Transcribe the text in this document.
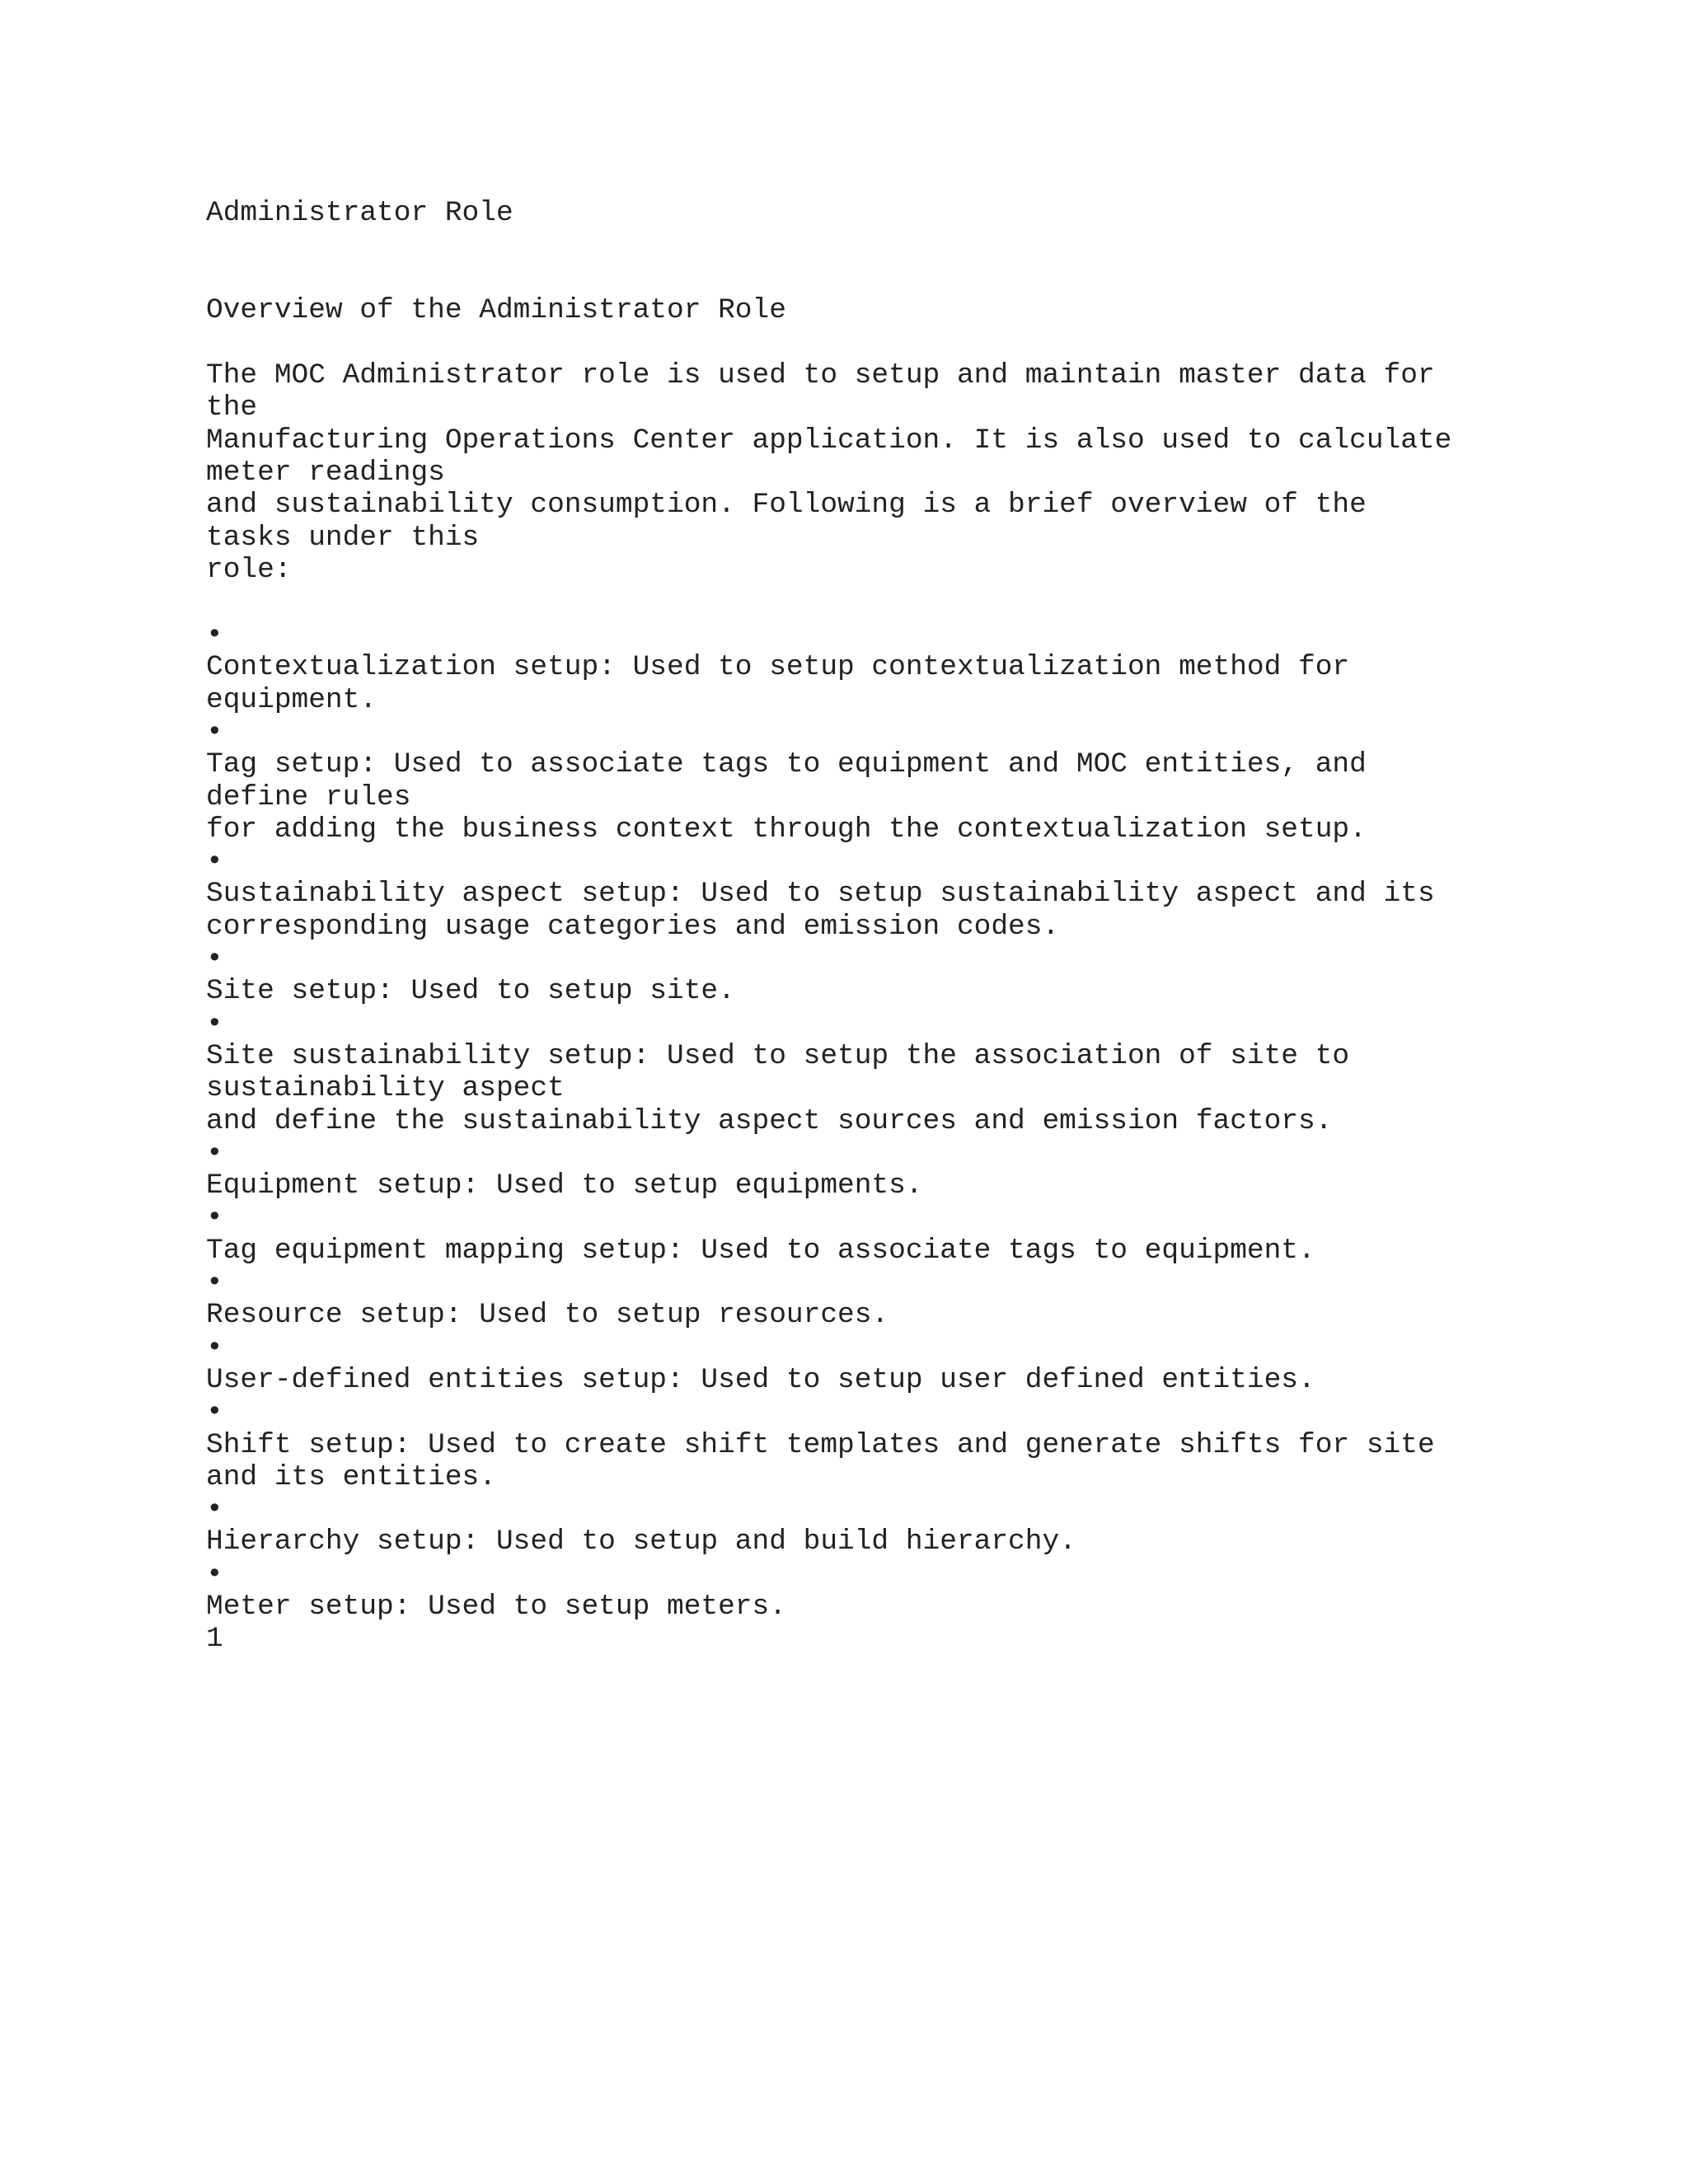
Administrator Role
Overview of the Administrator Role
The MOC Administrator role is used to setup and maintain master data for
the
Manufacturing Operations Center application. It is also used to calculate
meter readings
and sustainability consumption. Following is a brief overview of the
tasks under this
role:
•
Contextualization setup: Used to setup contextualization method for
equipment.
•
Tag setup: Used to associate tags to equipment and MOC entities, and
define rules
for adding the business context through the contextualization setup.
•
Sustainability aspect setup: Used to setup sustainability aspect and its
corresponding usage categories and emission codes.
•
Site setup: Used to setup site.
•
Site sustainability setup: Used to setup the association of site to
sustainability aspect
and define the sustainability aspect sources and emission factors.
•
Equipment setup: Used to setup equipments.
•
Tag equipment mapping setup: Used to associate tags to equipment.
•
Resource setup: Used to setup resources.
•
User-defined entities setup: Used to setup user defined entities.
•
Shift setup: Used to create shift templates and generate shifts for site
and its entities.
•
Hierarchy setup: Used to setup and build hierarchy.
•
Meter setup: Used to setup meters.
1
